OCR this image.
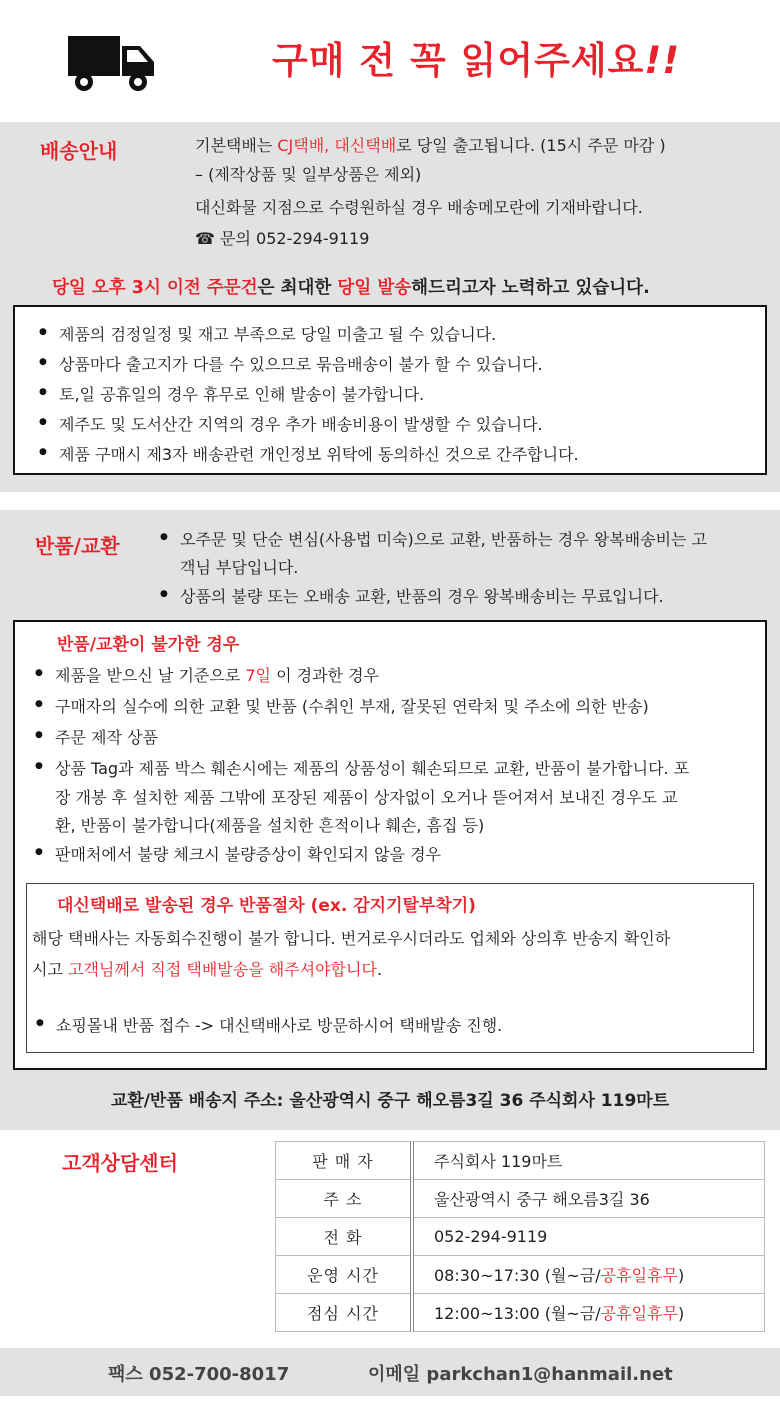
구매 전 꼭 읽어주세요!!
배송안내	기본택배는 CJ택배, 대신택배로 당일 출고됩니다. (15시 주문 마감 )
– (제작상품 및 일부상품은 제외)
대신화물 지점으로 수령원하실 경우 배송메모란에 기재바랍니다.
☎ 문의 052-294-9119
당일 오후 3시 이전 주문건은 최대한 당일 발송해드리고자 노력하고 있습니다.
● 제품의 검정일정 및 재고 부족으로 당일 미출고 될 수 있습니다.
● 상품마다 출고지가 다를 수 있으므로 묶음배송이 불가 할 수 있습니다.
● 토,일 공휴일의 경우 휴무로 인해 발송이 불가합니다.
● 제주도 및 도서산간 지역의 경우 추가 배송비용이 발생할 수 있습니다.
● 제품 구매시 제3자 배송관련 개인정보 위탁에 동의하신 것으로 간주합니다.
반품/교환	● 오주문 및 단순 변심(사용법 미숙)으로 교환, 반품하는 경우 왕복배송비는 고
객님 부담입니다.
● 상품의 불량 또는 오배송 교환, 반품의 경우 왕복배송비는 무료입니다.
반품/교환이 불가한 경우
● 제품을 받으신 날 기준으로 7일 이 경과한 경우
● 구매자의 실수에 의한 교환 및 반품 (수취인 부재, 잘못된 연락처 및 주소에 의한 반송)
● 주문 제작 상품
● 상품 Tag과 제품 박스 훼손시에는 제품의 상품성이 훼손되므로 교환, 반품이 불가합니다. 포
장 개봉 후 설치한 제품 그밖에 포장된 제품이 상자없이 오거나 뜯어져서 보내진 경우도 교
환, 반품이 불가합니다(제품을 설치한 흔적이나 훼손, 흠집 등)
● 판매처에서 불량 체크시 불량증상이 확인되지 않을 경우
대신택배로 발송된 경우 반품절차 (ex. 감지기탈부착기)
해당 택배사는 자동회수진행이 불가 합니다. 번거로우시더라도 업체와 상의후 반송지 확인하
시고 고객님께서 직접 택배발송을 해주셔야합니다.
● 쇼핑몰내 반품 접수 -> 대신택배사로 방문하시어 택배발송 진행.
교환/반품 배송지 주소: 울산광역시 중구 해오름3길 36 주식회사 119마트
고객상담센터	판 매 자	주식회사 119마트
주 소	울산광역시 중구 해오름3길 36
전 화	052-294-9119
운영 시간	08:30~17:30 (월~금/공휴일휴무)
점심 시간	12:00~13:00 (월~금/공휴일휴무)
팩스 052-700-8017	이메일 parkchan1@hanmail.net
